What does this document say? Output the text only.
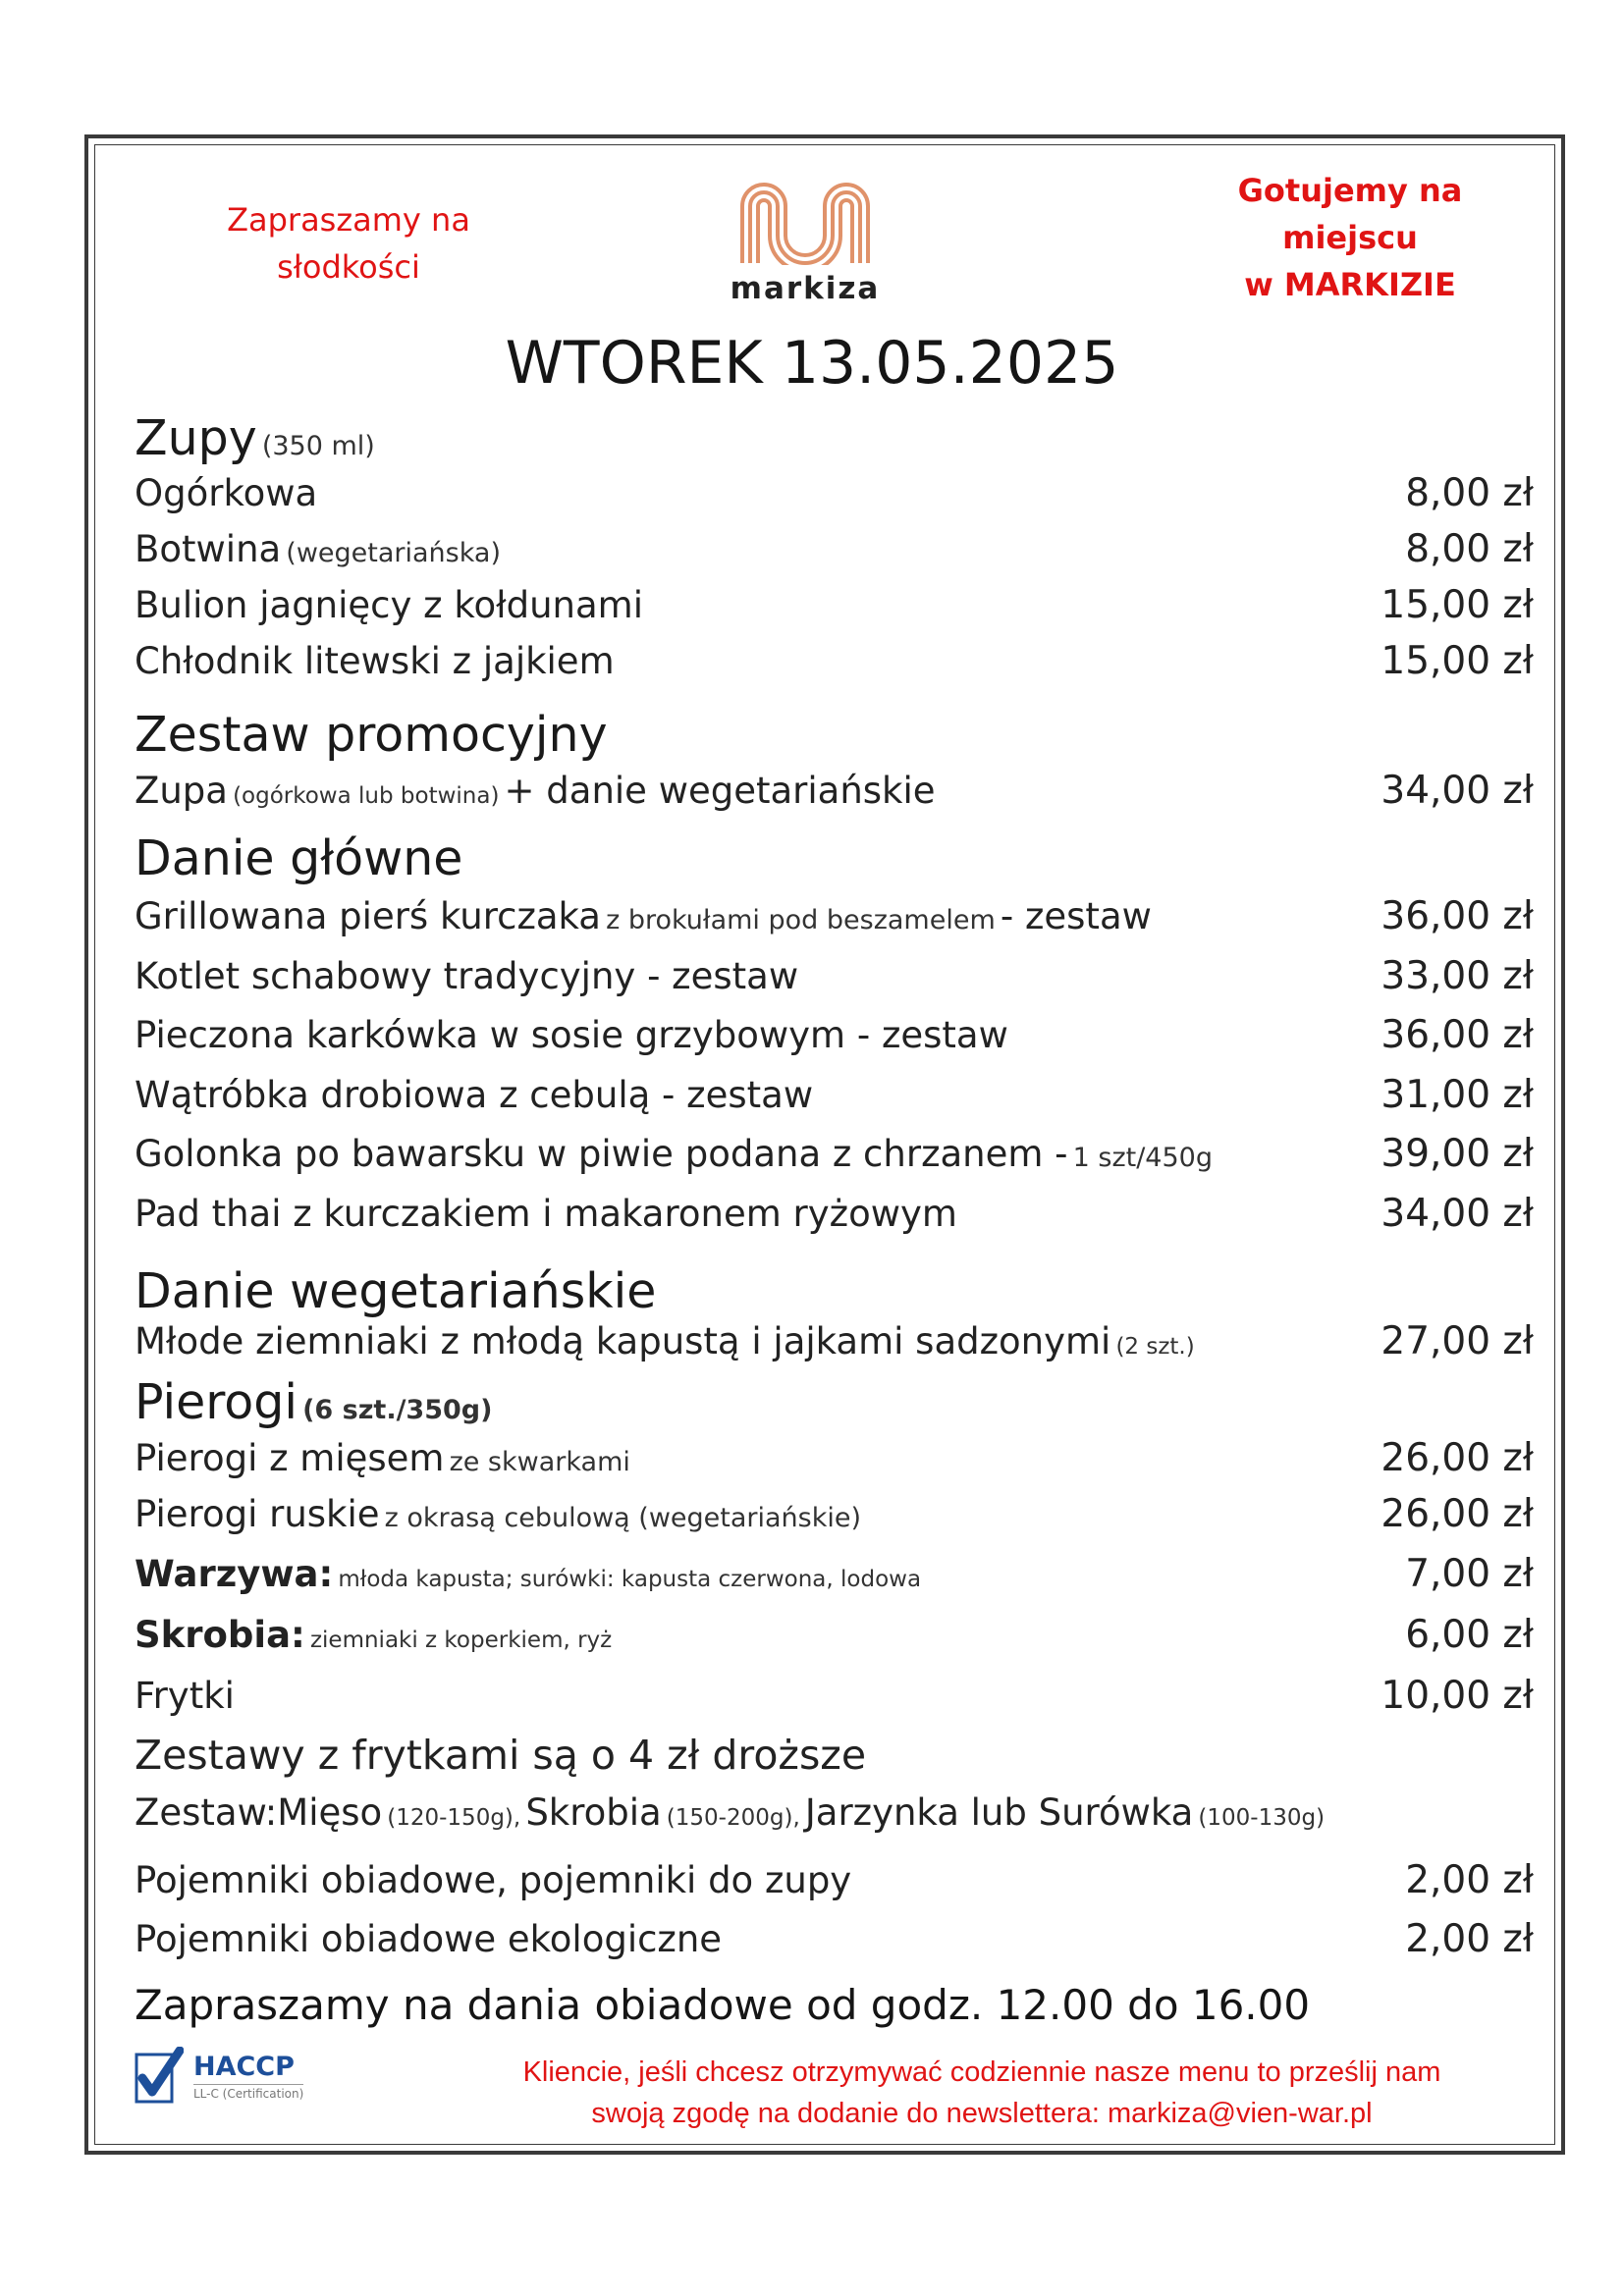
Zapraszamy na
słodkości
markiza
Gotujemy na miejscu
w MARKIZIE
WTOREK 13.05.2025
Zupy (350 ml)
Ogórkowa	8,00 zł
Botwina (wegetariańska)	8,00 zł
Bulion jagnięcy z kołdunami	15,00 zł
Chłodnik litewski z jajkiem	15,00 zł
Zestaw promocyjny
Zupa (ogórkowa lub botwina) + danie wegetariańskie	34,00 zł
Danie główne
Grillowana pierś kurczaka z brokułami pod beszamelem - zestaw	36,00 zł
Kotlet schabowy tradycyjny - zestaw	33,00 zł
Pieczona karkówka w sosie grzybowym - zestaw	36,00 zł
Wątróbka drobiowa z cebulą - zestaw	31,00 zł
Golonka po bawarsku w piwie podana z chrzanem - 1 szt/450g	39,00 zł
Pad thai z kurczakiem i makaronem ryżowym	34,00 zł
Danie wegetariańskie
Młode ziemniaki z młodą kapustą i jajkami sadzonymi (2 szt.)	27,00 zł
Pierogi (6 szt./350g)
Pierogi z mięsem ze skwarkami	26,00 zł
Pierogi ruskie z okrasą cebulową (wegetariańskie)	26,00 zł
Warzywa: młoda kapusta; surówki: kapusta czerwona, lodowa	7,00 zł
Skrobia: ziemniaki z koperkiem, ryż	6,00 zł
Frytki	10,00 zł
Zestawy z frytkami są o 4 zł droższe
Zestaw:Mięso (120-150g), Skrobia (150-200g), Jarzynka lub Surówka (100-130g)
Pojemniki obiadowe, pojemniki do zupy	2,00 zł
Pojemniki obiadowe ekologiczne	2,00 zł
Zapraszamy na dania obiadowe od godz. 12.00 do 16.00
HACCP
LL-C (Certification)
Kliencie, jeśli chcesz otrzymywać codziennie nasze menu to prześlij nam
swoją zgodę na dodanie do newslettera: markiza@vien-war.pl
